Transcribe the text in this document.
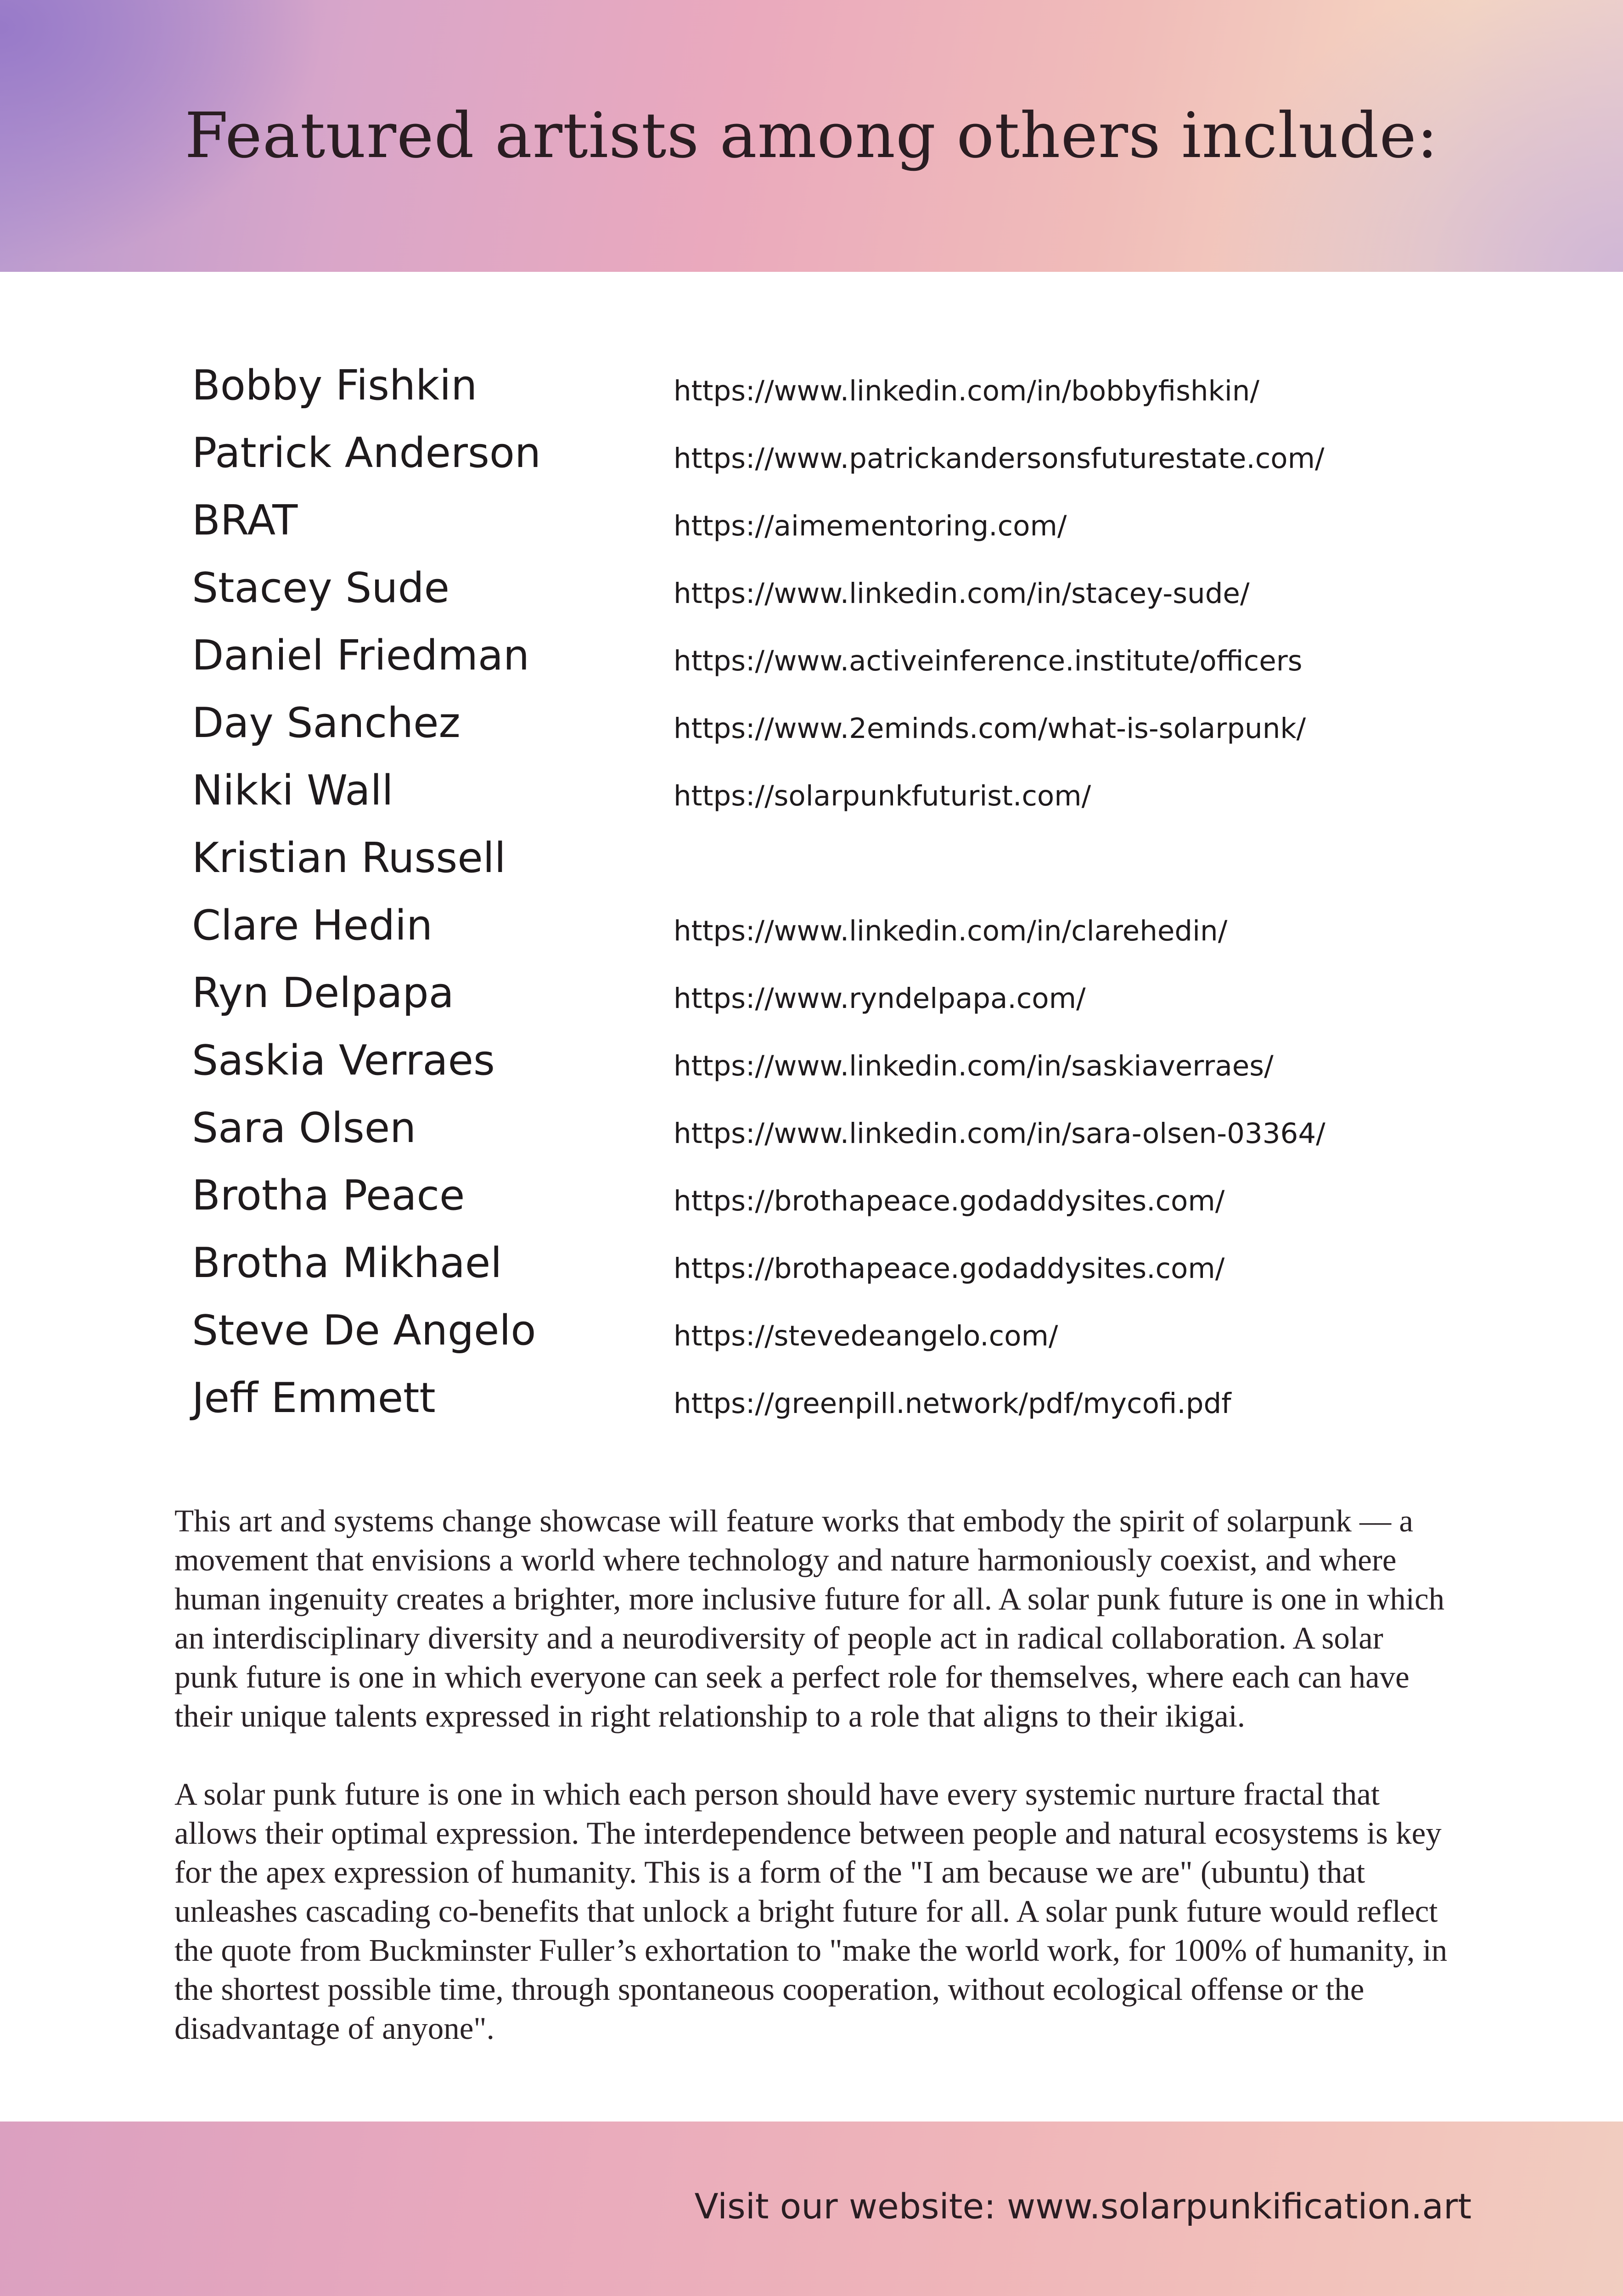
Featured artists among others include:
Bobby Fishkin	https://www.linkedin.com/in/bobbyfishkin/
Patrick Anderson	https://www.patrickandersonsfuturestate.com/
BRAT	https://aimementoring.com/
Stacey Sude	https://www.linkedin.com/in/stacey-sude/
Daniel Friedman	https://www.activeinference.institute/officers
Day Sanchez	https://www.2eminds.com/what-is-solarpunk/
Nikki Wall	https://solarpunkfuturist.com/
Kristian Russell
Clare Hedin	https://www.linkedin.com/in/clarehedin/
Ryn Delpapa	https://www.ryndelpapa.com/
Saskia Verraes	https://www.linkedin.com/in/saskiaverraes/
Sara Olsen	https://www.linkedin.com/in/sara-olsen-03364/
Brotha Peace	https://brothapeace.godaddysites.com/
Brotha Mikhael	https://brothapeace.godaddysites.com/
Steve De Angelo	https://stevedeangelo.com/
Jeff Emmett	https://greenpill.network/pdf/mycofi.pdf

This art and systems change showcase will feature works that embody the spirit of solarpunk –– a movement that envisions a world where technology and nature harmoniously coexist, and where human ingenuity creates a brighter, more inclusive future for all. A solar punk future is one in which an interdisciplinary diversity and a neurodiversity of people act in radical collaboration. A solar punk future is one in which everyone can seek a perfect role for themselves, where each can have their unique talents expressed in right relationship to a role that aligns to their ikigai.

A solar punk future is one in which each person should have every systemic nurture fractal that allows their optimal expression. The interdependence between people and natural ecosystems is key for the apex expression of humanity. This is a form of the "I am because we are" (ubuntu) that unleashes cascading co-benefits that unlock a bright future for all. A solar punk future would reflect the quote from Buckminster Fuller’s exhortation to "make the world work, for 100% of humanity, in the shortest possible time, through spontaneous cooperation, without ecological offense or the disadvantage of anyone".

Visit our website: www.solarpunkification.art
